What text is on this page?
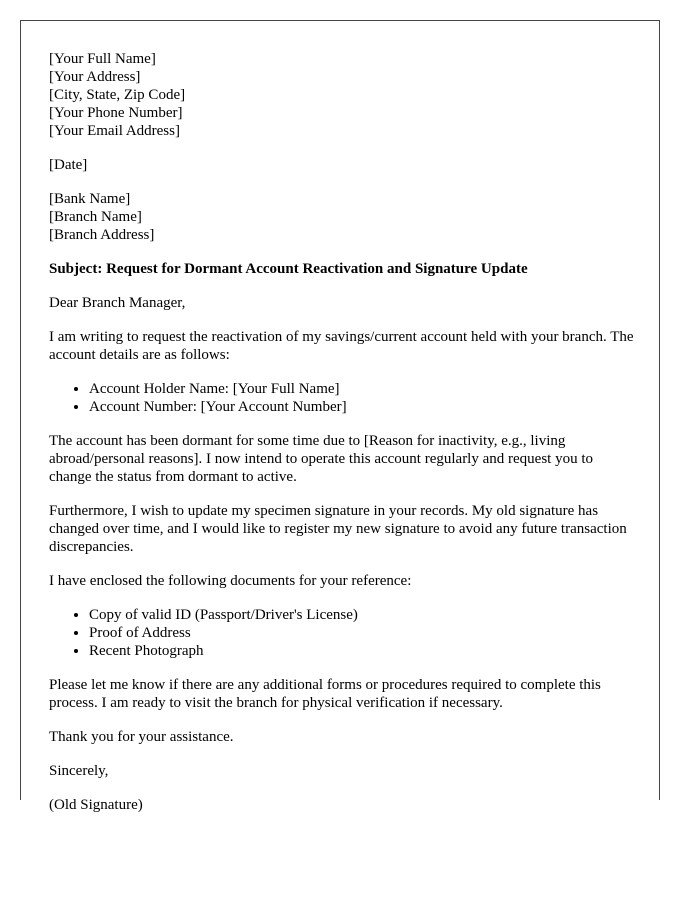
[Your Full Name]
[Your Address]
[City, State, Zip Code]
[Your Phone Number]
[Your Email Address]
[Date]
[Bank Name]
[Branch Name]
[Branch Address]

Subject: Request for Dormant Account Reactivation and Signature Update

Dear Branch Manager,

I am writing to request the reactivation of my savings/current account held with your branch. The account details are as follows:

• Account Holder Name: [Your Full Name]
• Account Number: [Your Account Number]

The account has been dormant for some time due to [Reason for inactivity, e.g., living abroad/personal reasons]. I now intend to operate this account regularly and request you to change the status from dormant to active.

Furthermore, I wish to update my specimen signature in your records. My old signature has changed over time, and I would like to register my new signature to avoid any future transaction discrepancies.

I have enclosed the following documents for your reference:

• Copy of valid ID (Passport/Driver's License)
• Proof of Address
• Recent Photograph

Please let me know if there are any additional forms or procedures required to complete this process. I am ready to visit the branch for physical verification if necessary.

Thank you for your assistance.

Sincerely,

(Old Signature)
